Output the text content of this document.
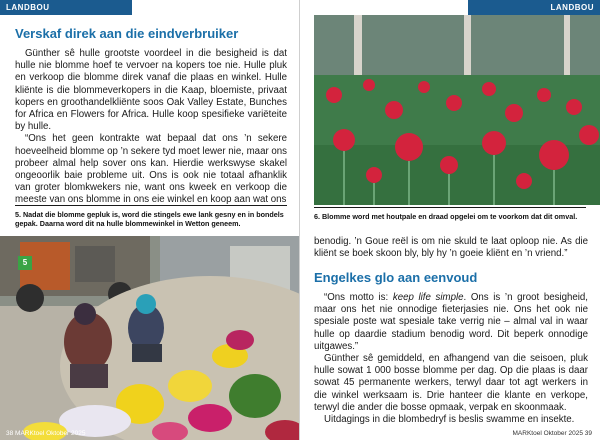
LANDBOU
Verskaf direk aan die eindverbruiker

Günther sê hulle grootste voordeel in die besigheid is dat hulle nie blomme hoef te vervoer na kopers toe nie. Hulle pluk en verkoop die blomme direk vanaf die plaas en winkel. Hulle kliënte is die blommeverkopers in die Kaap, bloemiste, privaat kopers en groothandelkliënte soos Oak Valley Estate, Bunches for Africa en Flowers for Africa. Hulle koop spesifieke variëteite by hulle.

“Ons het geen kontrakte wat bepaal dat ons ’n sekere hoeveelheid blomme op ’n sekere tyd moet lewer nie, maar ons probeer almal help sover ons kan. Hierdie werkswyse skakel ongeoorlik baie probleme uit. Ons is ook nie totaal afhanklik van groter blomkwekers nie, want ons kweek en verkoop die meeste van ons blomme in ons eie winkel en koop aan wat ons

5. Nadat die blomme gepluk is, word die stingels ewe lank gesny en in bondels gepak. Daarna word dit na hulle blommewinkel in Wetton geneem.
5
38 MARKtoel Oktober 2025
LANDBOU
6. Blomme word met houtpale en draad opgelei om te voorkom dat dit omval.

benodig. ’n Goue reël is om nie skuld te laat oploop nie. As die kliënt se boek skoon bly, bly hy ’n goeie kliënt en ’n vriend.”

Engelkes glo aan eenvoud

“Ons motto is: keep life simple. Ons is ’n groot besigheid, maar ons het nie onnodige fieterjasies nie. Ons het ook nie spesiale poste wat spesiale take verrig nie – almal val in waar hulle op daardie stadium benodig word. Dit beperk onnodige uitgawes.”

Günther sê gemiddeld, en afhangend van die seisoen, pluk hulle sowat 1 000 bosse blomme per dag. Op die plaas is daar sowat 45 permanente werkers, terwyl daar tot agt werkers in die winkel werksaam is. Drie hanteer die klante en verkope, terwyl die ander die bosse opmaak, verpak en skoonmaak.

Uitdagings in die blombedryf is beslis swamme en insekte.

MARKtoel Oktober 2025 39
